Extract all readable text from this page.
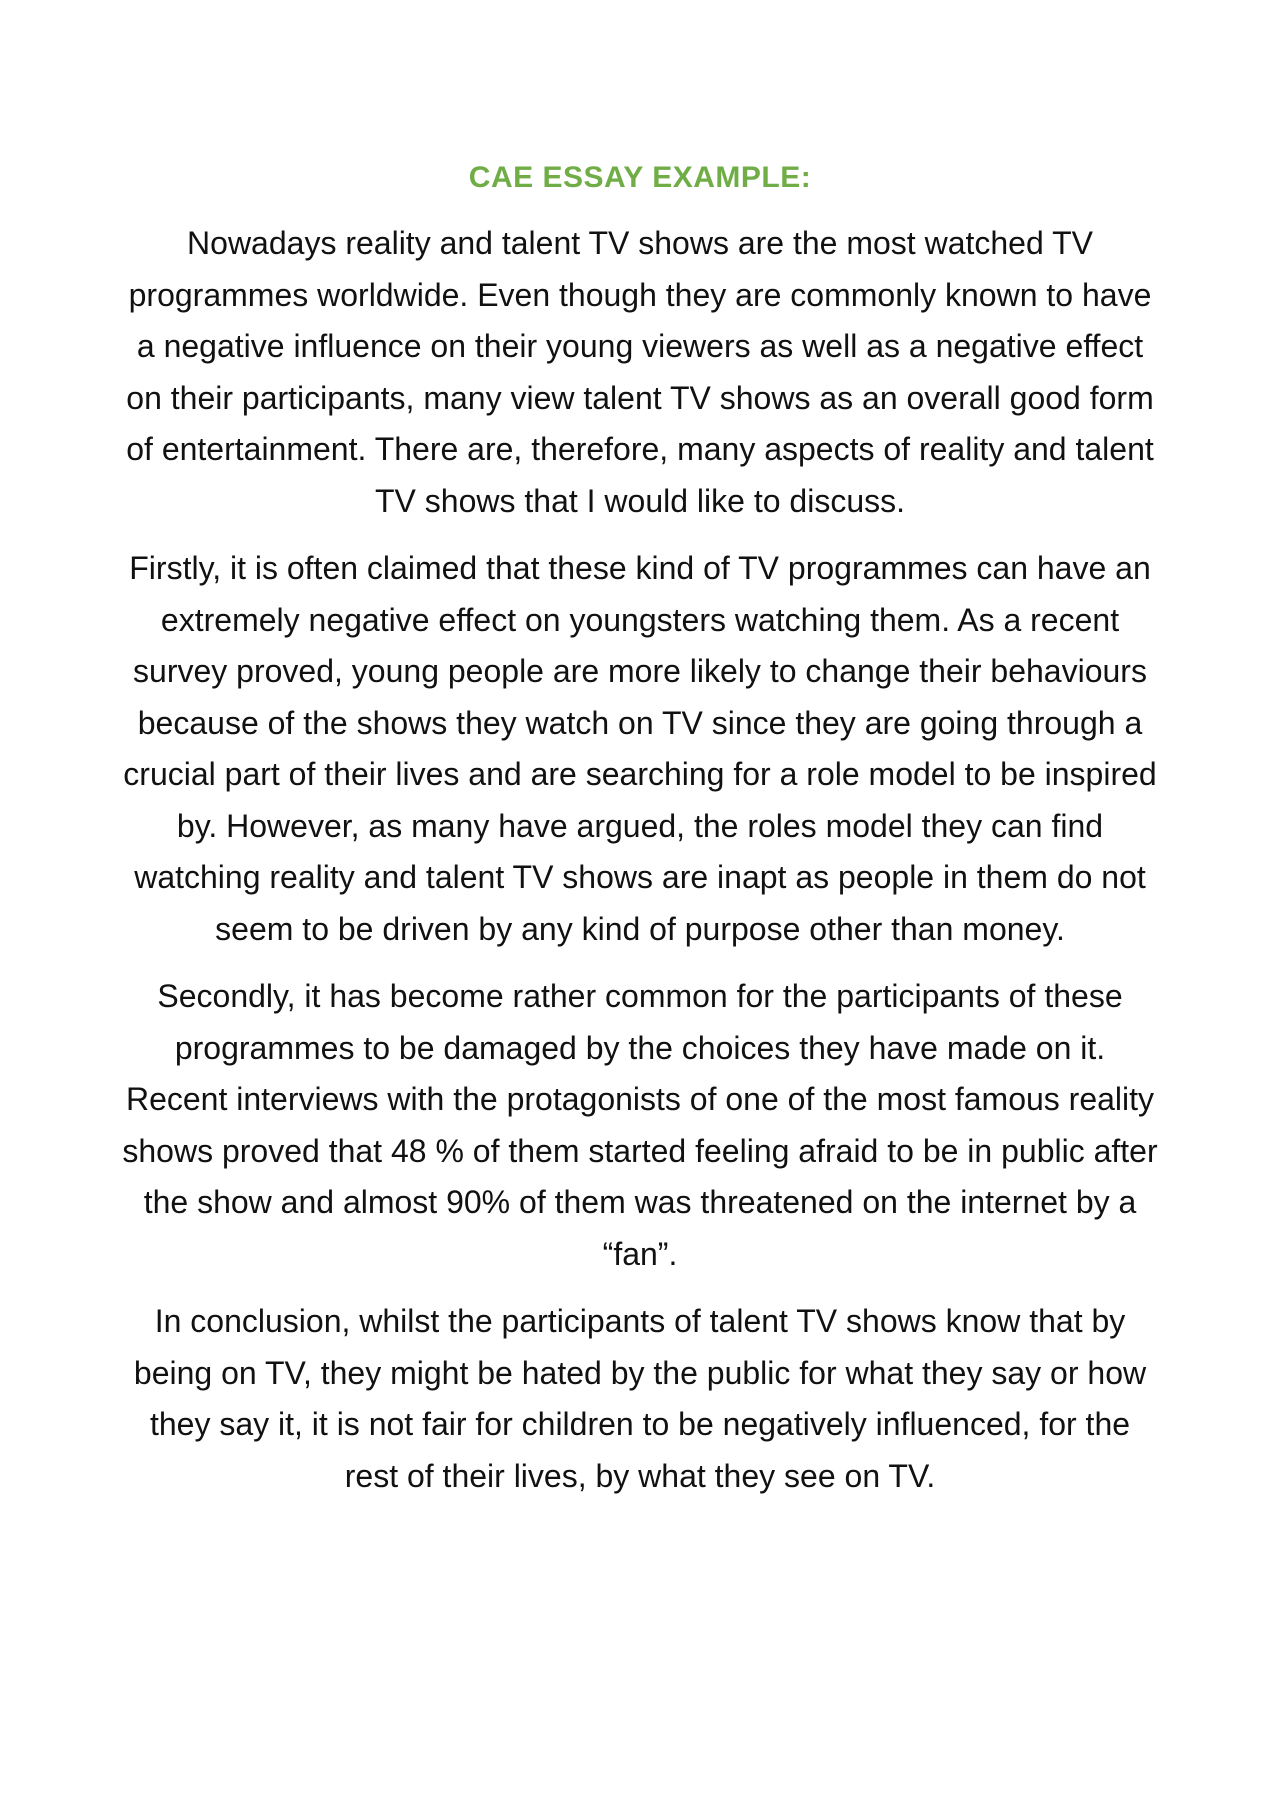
CAE ESSAY EXAMPLE:

Nowadays reality and talent TV shows are the most watched TV programmes worldwide. Even though they are commonly known to have a negative influence on their young viewers as well as a negative effect on their participants, many view talent TV shows as an overall good form of entertainment. There are, therefore, many aspects of reality and talent TV shows that I would like to discuss.

Firstly, it is often claimed that these kind of TV programmes can have an extremely negative effect on youngsters watching them. As a recent survey proved, young people are more likely to change their behaviours because of the shows they watch on TV since they are going through a crucial part of their lives and are searching for a role model to be inspired by. However, as many have argued, the roles model they can find watching reality and talent TV shows are inapt as people in them do not seem to be driven by any kind of purpose other than money.

Secondly, it has become rather common for the participants of these programmes to be damaged by the choices they have made on it. Recent interviews with the protagonists of one of the most famous reality shows proved that 48 % of them started feeling afraid to be in public after the show and almost 90% of them was threatened on the internet by a “fan”.

In conclusion, whilst the participants of talent TV shows know that by being on TV, they might be hated by the public for what they say or how they say it, it is not fair for children to be negatively influenced, for the rest of their lives, by what they see on TV.
